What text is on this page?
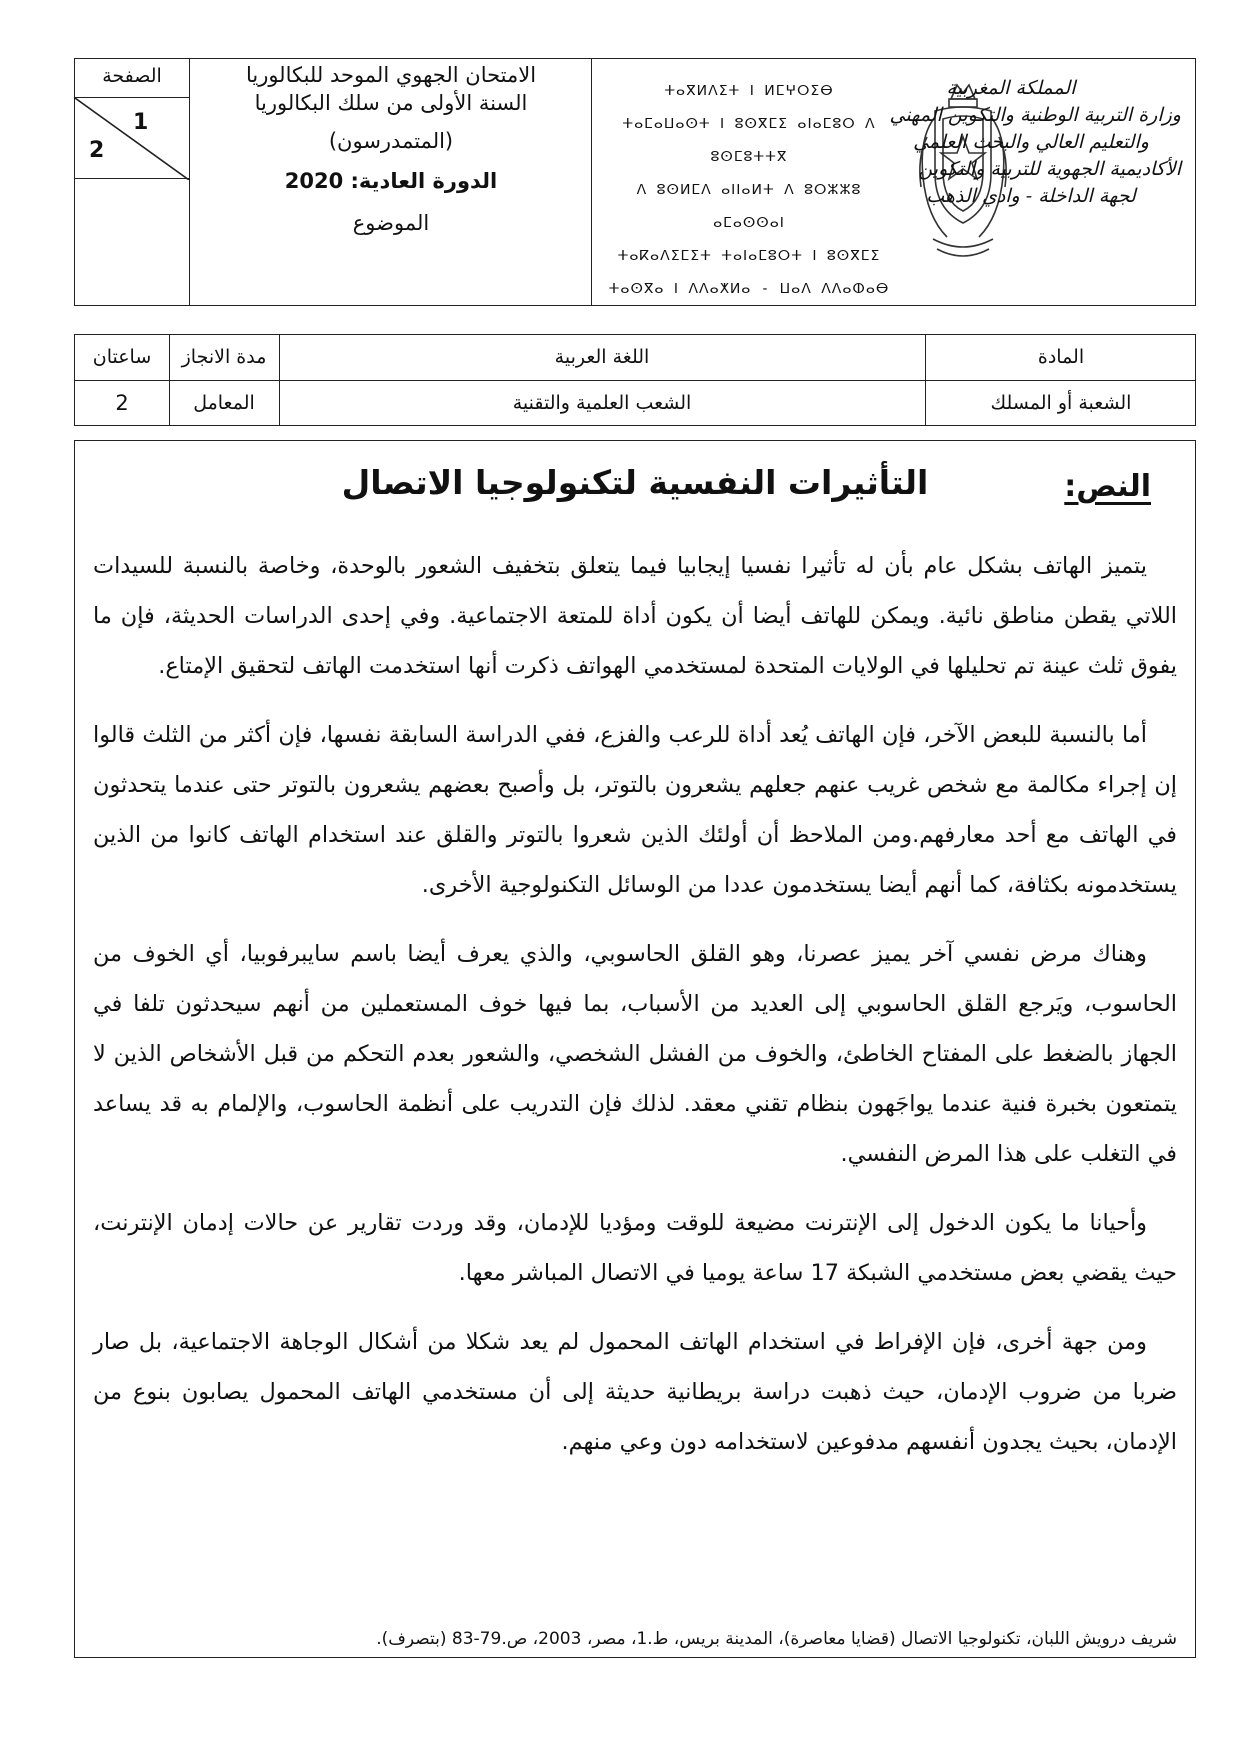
الصفحة
1
2
الامتحان الجهوي الموحد للبكالوريا
السنة الأولى من سلك البكالوريا
(المتمدرسون)
الدورة العادية: 2020
الموضوع
ⵜⴰⴳⵍⴷⵉⵜ ⵏ ⵍⵎⵖⵔⵉⴱ
ⵜⴰⵎⴰⵡⴰⵙⵜ ⵏ ⵓⵙⴳⵎⵉ ⴰⵏⴰⵎⵓⵔ ⴷ ⵓⵙⵎⵓⵜⵜⴳ
ⴷ ⵓⵙⵍⵎⴷ ⴰⵏⵏⴰⵍⵜ ⴷ ⵓⵔⵣⵣⵓ ⴰⵎⴰⵙⵙⴰⵏ
ⵜⴰⴽⴰⴷⵉⵎⵉⵜ ⵜⴰⵏⴰⵎⵓⵔⵜ ⵏ ⵓⵙⴳⵎⵉ
ⵜⴰⵙⴳⴰ ⵏ ⴷⴷⴰⵅⵍⴰ - ⵡⴰⴷ ⴷⴷⴰⵀⴰⴱ
المملكة المغربية
وزارة التربية الوطنية والتكوين المهني
والتعليم العالي والبحث العلمي
الأكاديمية الجهوية للتربية والتكوين
لجهة الداخلة - وادي الذهب
المادة
اللغة العربية
مدة الانجاز
ساعتان
الشعبة أو المسلك
الشعب العلمية والتقنية
المعامل
2
النص:
التأثيرات النفسية لتكنولوجيا الاتصال

يتميز الهاتف بشكل عام بأن له تأثيرا نفسيا إيجابيا فيما يتعلق بتخفيف الشعور بالوحدة، وخاصة بالنسبة للسيدات اللاتي يقطن مناطق نائية. ويمكن للهاتف أيضا أن يكون أداة للمتعة الاجتماعية. وفي إحدى الدراسات الحديثة، فإن ما يفوق ثلث عينة تم تحليلها في الولايات المتحدة لمستخدمي الهواتف ذكرت أنها استخدمت الهاتف لتحقيق الإمتاع.

أما بالنسبة للبعض الآخر، فإن الهاتف يُعد أداة للرعب والفزع، ففي الدراسة السابقة نفسها، فإن أكثر من الثلث قالوا إن إجراء مكالمة مع شخص غريب عنهم جعلهم يشعرون بالتوتر، بل وأصبح بعضهم يشعرون بالتوتر حتى عندما يتحدثون في الهاتف مع أحد معارفهم.ومن الملاحظ أن أولئك الذين شعروا بالتوتر والقلق عند استخدام الهاتف كانوا من الذين يستخدمونه بكثافة، كما أنهم أيضا يستخدمون عددا من الوسائل التكنولوجية الأخرى.

وهناك مرض نفسي آخر يميز عصرنا، وهو القلق الحاسوبي، والذي يعرف أيضا باسم سايبرفوبيا، أي الخوف من الحاسوب، ويَرجع القلق الحاسوبي إلى العديد من الأسباب، بما فيها خوف المستعملين من أنهم سيحدثون تلفا في الجهاز بالضغط على المفتاح الخاطئ، والخوف من الفشل الشخصي، والشعور بعدم التحكم من قبل الأشخاص الذين لا يتمتعون بخبرة فنية عندما يواجَهون بنظام تقني معقد. لذلك فإن التدريب على أنظمة الحاسوب، والإلمام به قد يساعد في التغلب على هذا المرض النفسي.

وأحيانا ما يكون الدخول إلى الإنترنت مضيعة للوقت ومؤديا للإدمان، وقد وردت تقارير عن حالات إدمان الإنترنت، حيث يقضي بعض مستخدمي الشبكة 17 ساعة يوميا في الاتصال المباشر معها.

ومن جهة أخرى، فإن الإفراط في استخدام الهاتف المحمول لم يعد شكلا من أشكال الوجاهة الاجتماعية، بل صار ضربا من ضروب الإدمان، حيث ذهبت دراسة بريطانية حديثة إلى أن مستخدمي الهاتف المحمول يصابون بنوع من الإدمان، بحيث يجدون أنفسهم مدفوعين لاستخدامه دون وعي منهم.

شريف درويش اللبان، تكنولوجيا الاتصال (قضايا معاصرة)، المدينة بريس، ط.1، مصر، 2003، ص.79-83 (بتصرف).
